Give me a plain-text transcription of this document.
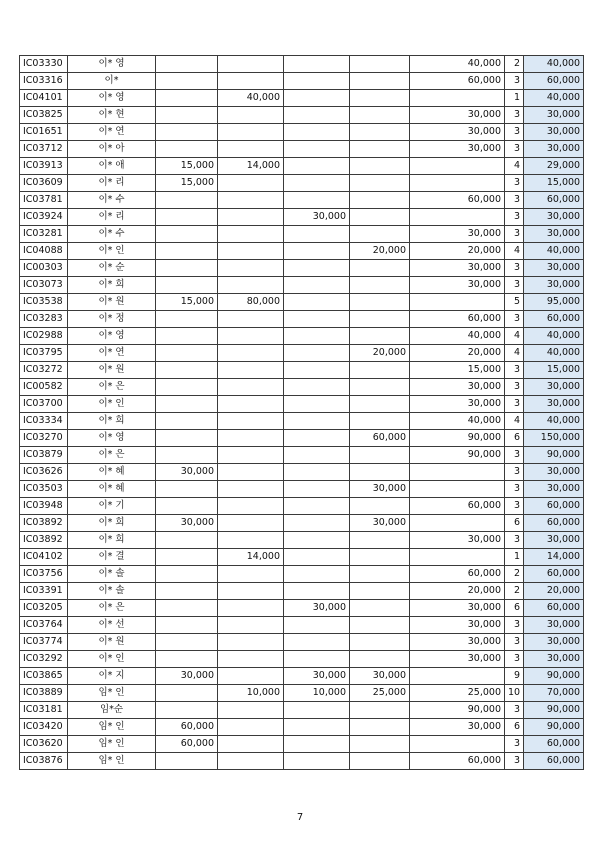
IC03330	이* 영					40,000	2	40,000
IC03316	이*					60,000	3	60,000
IC04101	이* 영		40,000				1	40,000
IC03825	이* 현					30,000	3	30,000
IC01651	이* 연					30,000	3	30,000
IC03712	이* 아					30,000	3	30,000
IC03913	이* 애	15,000	14,000				4	29,000
IC03609	이* 리	15,000					3	15,000
IC03781	이* 수					60,000	3	60,000
IC03924	이* 리			30,000			3	30,000
IC03281	이* 수					30,000	3	30,000
IC04088	이* 인				20,000	20,000	4	40,000
IC00303	이* 순					30,000	3	30,000
IC03073	이* 희					30,000	3	30,000
IC03538	이* 원	15,000	80,000				5	95,000
IC03283	이* 정					60,000	3	60,000
IC02988	이* 영					40,000	4	40,000
IC03795	이* 연				20,000	20,000	4	40,000
IC03272	이* 원					15,000	3	15,000
IC00582	이* 은					30,000	3	30,000
IC03700	이* 인					30,000	3	30,000
IC03334	이* 희					40,000	4	40,000
IC03270	이* 영				60,000	90,000	6	150,000
IC03879	이* 은					90,000	3	90,000
IC03626	이* 혜	30,000					3	30,000
IC03503	이* 혜				30,000		3	30,000
IC03948	이* 기					60,000	3	60,000
IC03892	이* 희	30,000			30,000		6	60,000
IC03892	이* 희					30,000	3	30,000
IC04102	이* 결		14,000				1	14,000
IC03756	이* 솔					60,000	2	60,000
IC03391	이* 솔					20,000	2	20,000
IC03205	이* 은			30,000		30,000	6	60,000
IC03764	이* 선					30,000	3	30,000
IC03774	이* 원					30,000	3	30,000
IC03292	이* 인					30,000	3	30,000
IC03865	이* 지	30,000		30,000	30,000		9	90,000
IC03889	임* 인		10,000	10,000	25,000	25,000	10	70,000
IC03181	임*순					90,000	3	90,000
IC03420	임* 인	60,000				30,000	6	90,000
IC03620	임* 인	60,000					3	60,000
IC03876	임* 인					60,000	3	60,000
7
